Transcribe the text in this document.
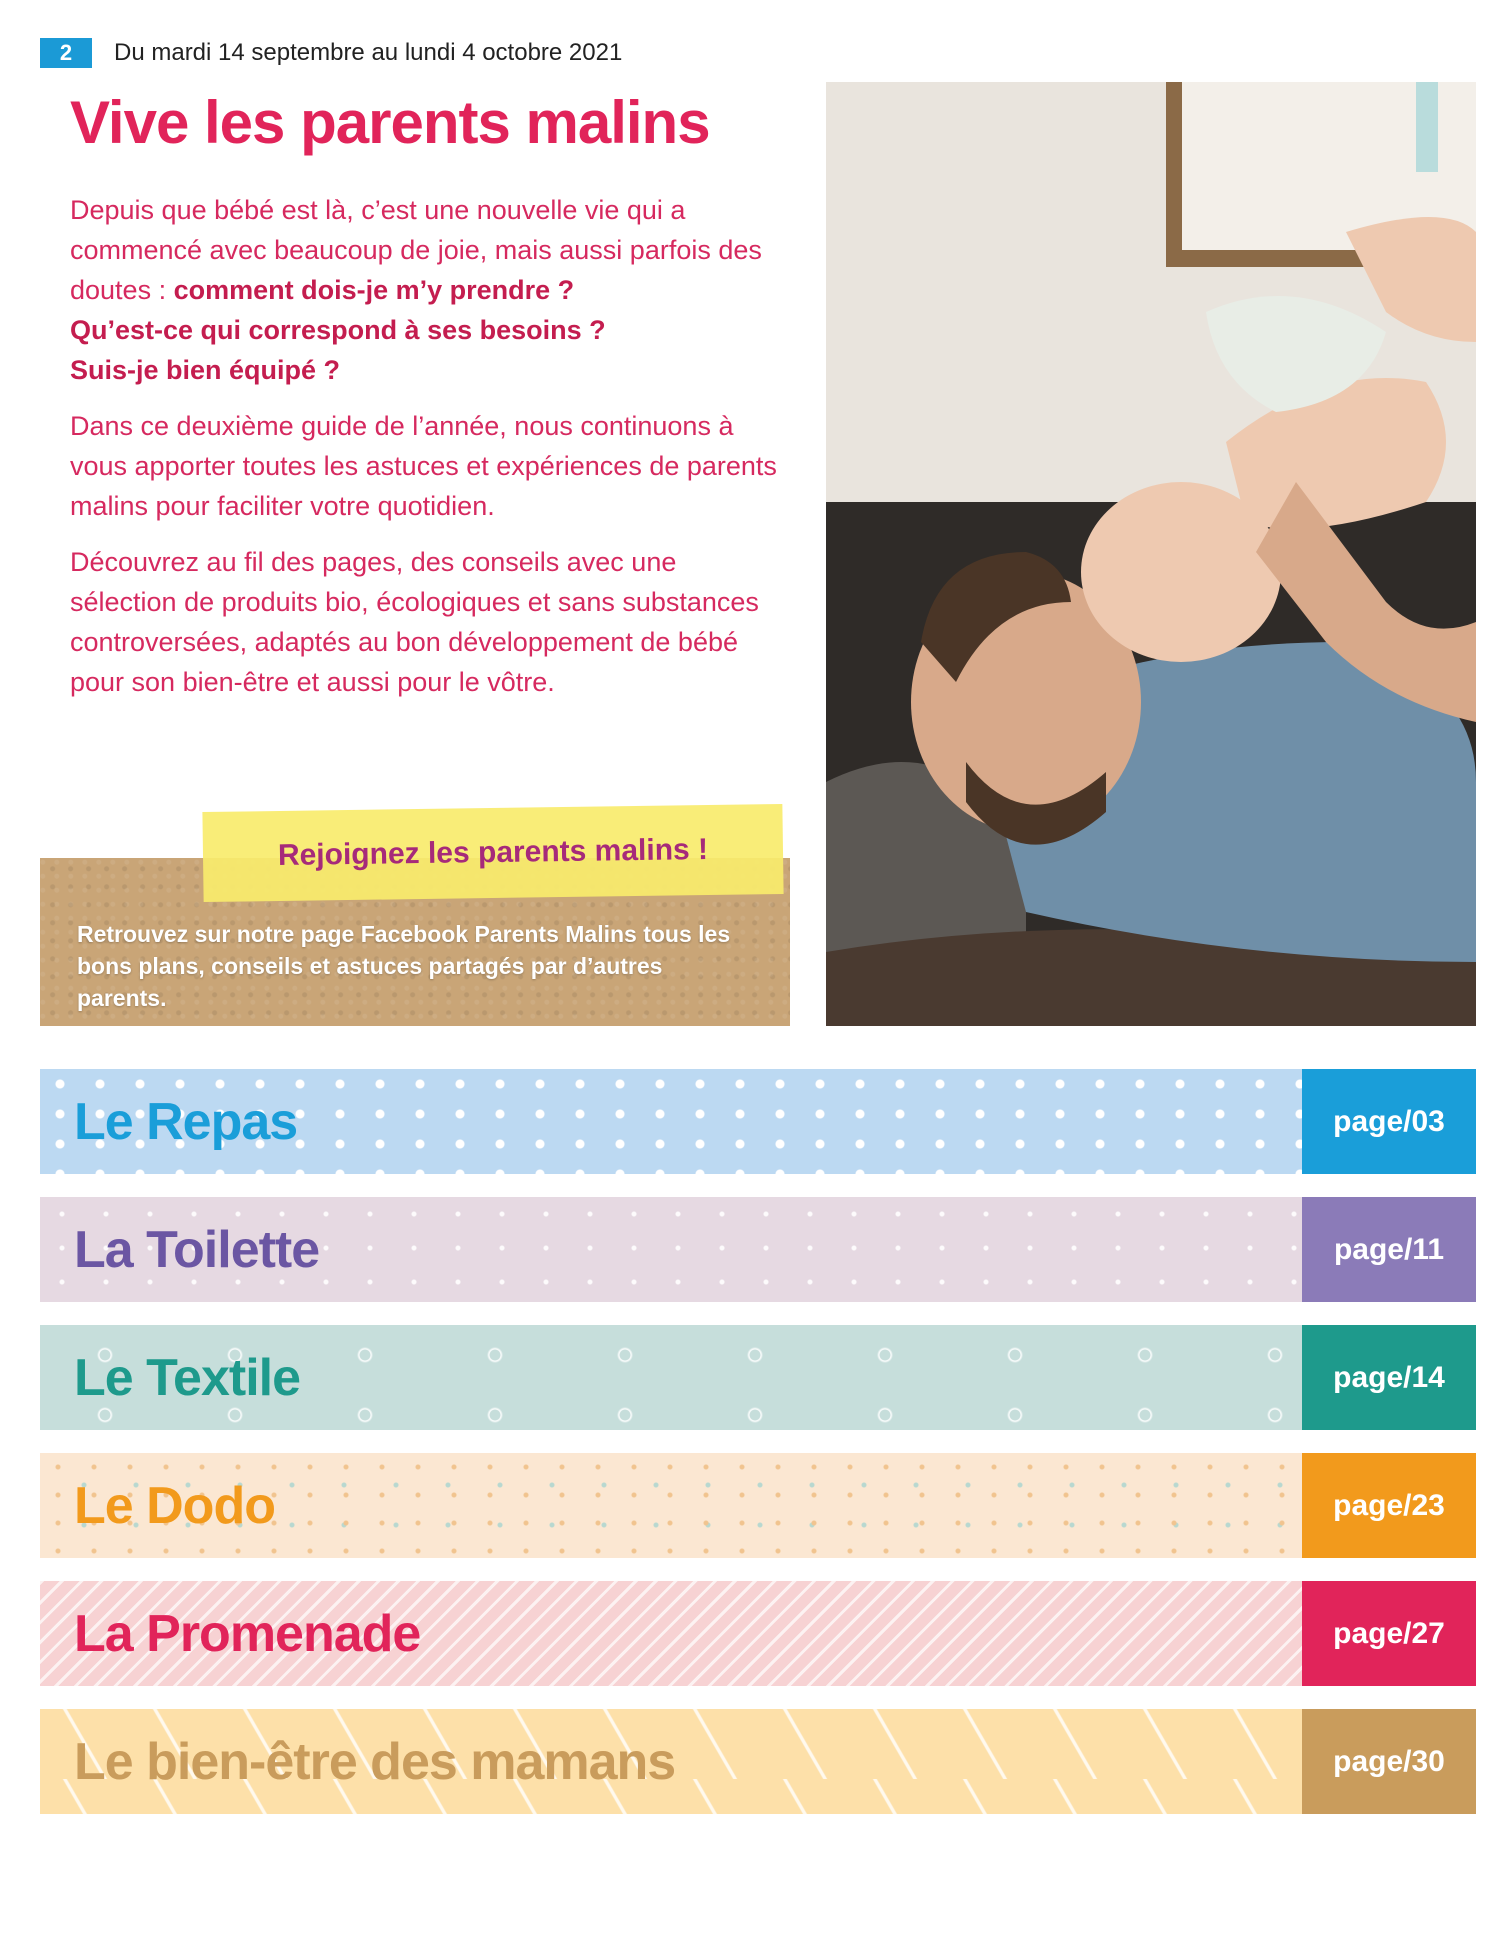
2	Du mardi 14 septembre au lundi 4 octobre 2021
Vive les parents malins

Depuis que bébé est là, c’est une nouvelle vie qui a commencé avec beaucoup de joie, mais aussi parfois des doutes : comment dois-je m’y prendre ?
Qu’est-ce qui correspond à ses besoins ?
Suis-je bien équipé ?

Dans ce deuxième guide de l’année, nous continuons à vous apporter toutes les astuces et expériences de parents malins pour faciliter votre quotidien.

Découvrez au fil des pages, des conseils avec une sélection de produits bio, écologiques et sans substances controversées, adaptés au bon développement de bébé pour son bien-être et aussi pour le vôtre.

Rejoignez les parents malins !
Retrouvez sur notre page Facebook Parents Malins tous les bons plans, conseils et astuces partagés par d’autres parents.
Le Repas	page/03
La Toilette	page/11
Le Textile	page/14
Le Dodo	page/23
La Promenade	page/27
Le bien-être des mamans	page/30
